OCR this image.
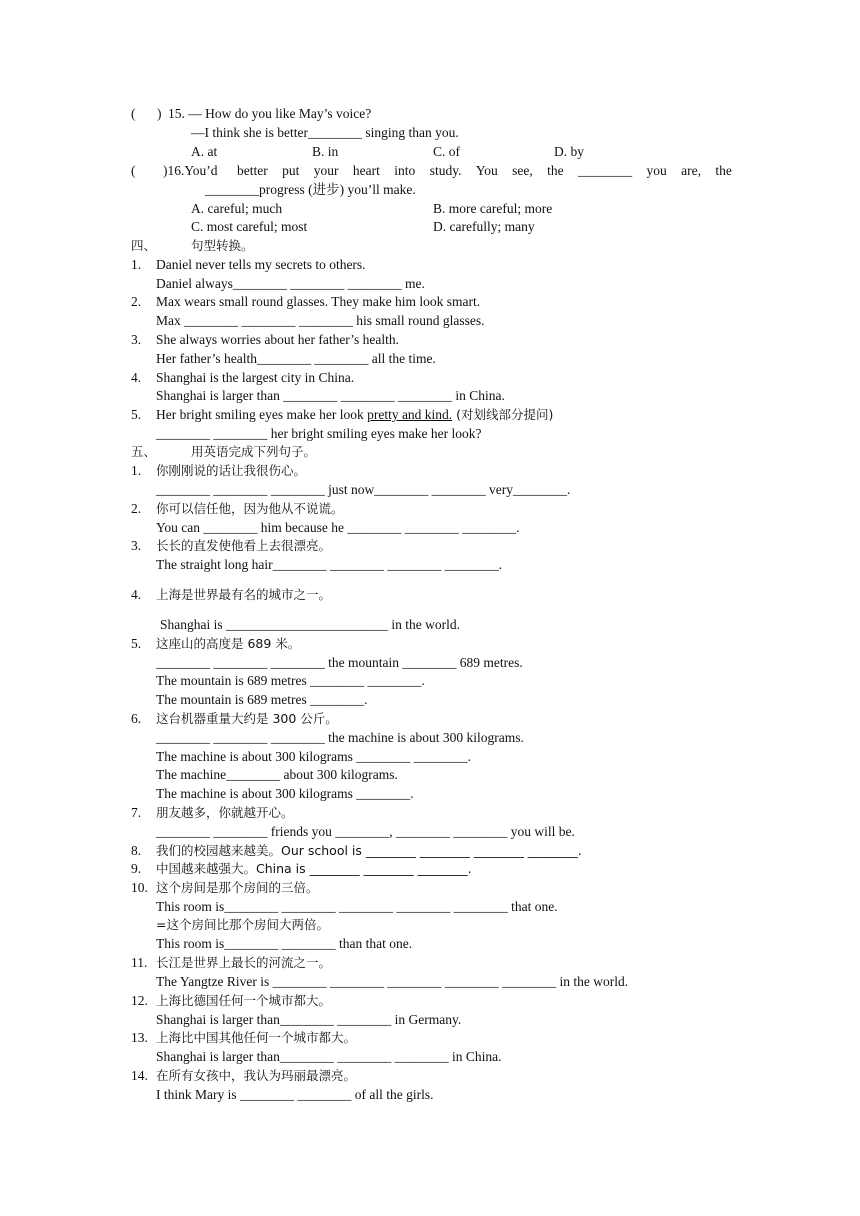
( ) 15. — How do you like May’s voice?
—I think she is better________ singing than you.
A. at	B. in	C. of	D. by
( )16.You’d better put your heart into study. You see, the ________ you are, the
________progress (进步) you’ll make.
A. careful; much	B. more careful; more
C. most careful; most	D. carefully; many
四、	句型转换。
1. Daniel never tells my secrets to others.
Daniel always________ ________ ________ me.
2. Max wears small round glasses. They make him look smart.
Max ________ ________ ________ his small round glasses.
3. She always worries about her father’s health.
Her father’s health________ ________ all the time.
4. Shanghai is the largest city in China.
Shanghai is larger than ________ ________ ________ in China.
5. Her bright smiling eyes make her look pretty and kind. (对划线部分提问)
________ ________ her bright smiling eyes make her look?
五、	用英语完成下列句子。
1. 你刚刚说的话让我很伤心。
________ ________ ________ just now________ ________ very________.
2. 你可以信任他，因为他从不说谎。
You can ________ him because he ________ ________ ________.
3. 长长的直发使他看上去很漂亮。
The straight long hair________ ________ ________ ________.
4. 上海是世界最有名的城市之一。
Shanghai is ________________________ in the world.
5. 这座山的高度是 689 米。
________ ________ ________ the mountain ________ 689 metres.
The mountain is 689 metres ________ ________.
The mountain is 689 metres ________.
6. 这台机器重量大约是 300 公斤。
________ ________ ________ the machine is about 300 kilograms.
The machine is about 300 kilograms ________ ________.
The machine________ about 300 kilograms.
The machine is about 300 kilograms ________.
7. 朋友越多，你就越开心。
________ ________ friends you ________, ________ ________ you will be.
8. 我们的校园越来越美。Our school is ________ ________ ________ ________.
9. 中国越来越强大。China is ________ ________ ________.
10. 这个房间是那个房间的三倍。
This room is________ ________ ________ ________ ________ that one.
=这个房间比那个房间大两倍。
This room is________ ________ than that one.
11. 长江是世界上最长的河流之一。
The Yangtze River is ________ ________ ________ ________ ________ in the world.
12. 上海比德国任何一个城市都大。
Shanghai is larger than________ ________ in Germany.
13. 上海比中国其他任何一个城市都大。
Shanghai is larger than________ ________ ________ in China.
14. 在所有女孩中，我认为玛丽最漂亮。
I think Mary is ________ ________ of all the girls.
